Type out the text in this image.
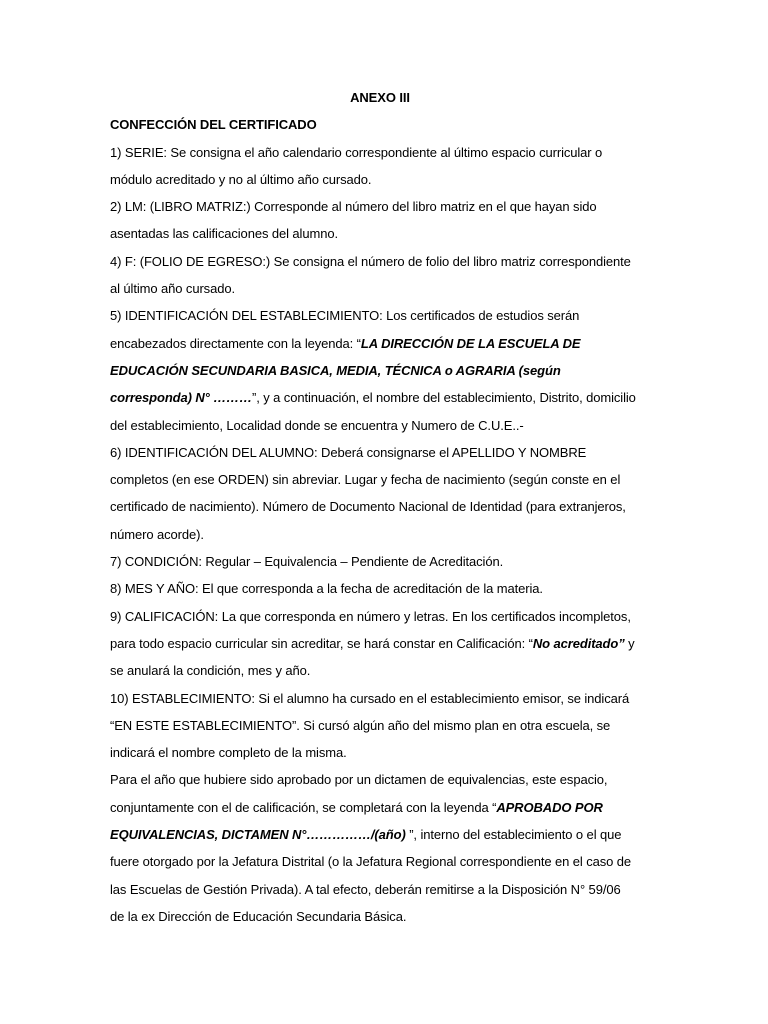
ANEXO III
CONFECCIÓN DEL CERTIFICADO
1) SERIE: Se consigna el año calendario correspondiente al último espacio curricular o
módulo acreditado y no al último año cursado.
2) LM: (LIBRO MATRIZ:) Corresponde al número del libro matriz en el que hayan sido
asentadas las calificaciones del alumno.
4) F: (FOLIO DE EGRESO:) Se consigna el número de folio del libro matriz correspondiente
al último año cursado.
5) IDENTIFICACIÓN DEL ESTABLECIMIENTO: Los certificados de estudios serán
encabezados directamente con la leyenda: “LA DIRECCIÓN DE LA ESCUELA DE
EDUCACIÓN SECUNDARIA BASICA, MEDIA, TÉCNICA o AGRARIA (según
corresponda) N° ………”, y a continuación, el nombre del establecimiento, Distrito, domicilio
del establecimiento, Localidad donde se encuentra y Numero de C.U.E..-
6) IDENTIFICACIÓN DEL ALUMNO: Deberá consignarse el APELLIDO Y NOMBRE
completos (en ese ORDEN) sin abreviar. Lugar y fecha de nacimiento (según conste en el
certificado de nacimiento). Número de Documento Nacional de Identidad (para extranjeros,
número acorde).
7) CONDICIÓN: Regular – Equivalencia – Pendiente de Acreditación.
8) MES Y AÑO: El que corresponda a la fecha de acreditación de la materia.
9) CALIFICACIÓN: La que corresponda en número y letras. En los certificados incompletos,
para todo espacio curricular sin acreditar, se hará constar en Calificación: “No acreditado” y
se anulará la condición, mes y año.
10) ESTABLECIMIENTO: Si el alumno ha cursado en el establecimiento emisor, se indicará
“EN ESTE ESTABLECIMIENTO”. Si cursó algún año del mismo plan en otra escuela, se
indicará el nombre completo de la misma.
Para el año que hubiere sido aprobado por un dictamen de equivalencias, este espacio,
conjuntamente con el de calificación, se completará con la leyenda “APROBADO POR
EQUIVALENCIAS, DICTAMEN N°……………/(año) ”, interno del establecimiento o el que
fuere otorgado por la Jefatura Distrital (o la Jefatura Regional correspondiente en el caso de
las Escuelas de Gestión Privada). A tal efecto, deberán remitirse a la Disposición N° 59/06
de la ex Dirección de Educación Secundaria Básica.
